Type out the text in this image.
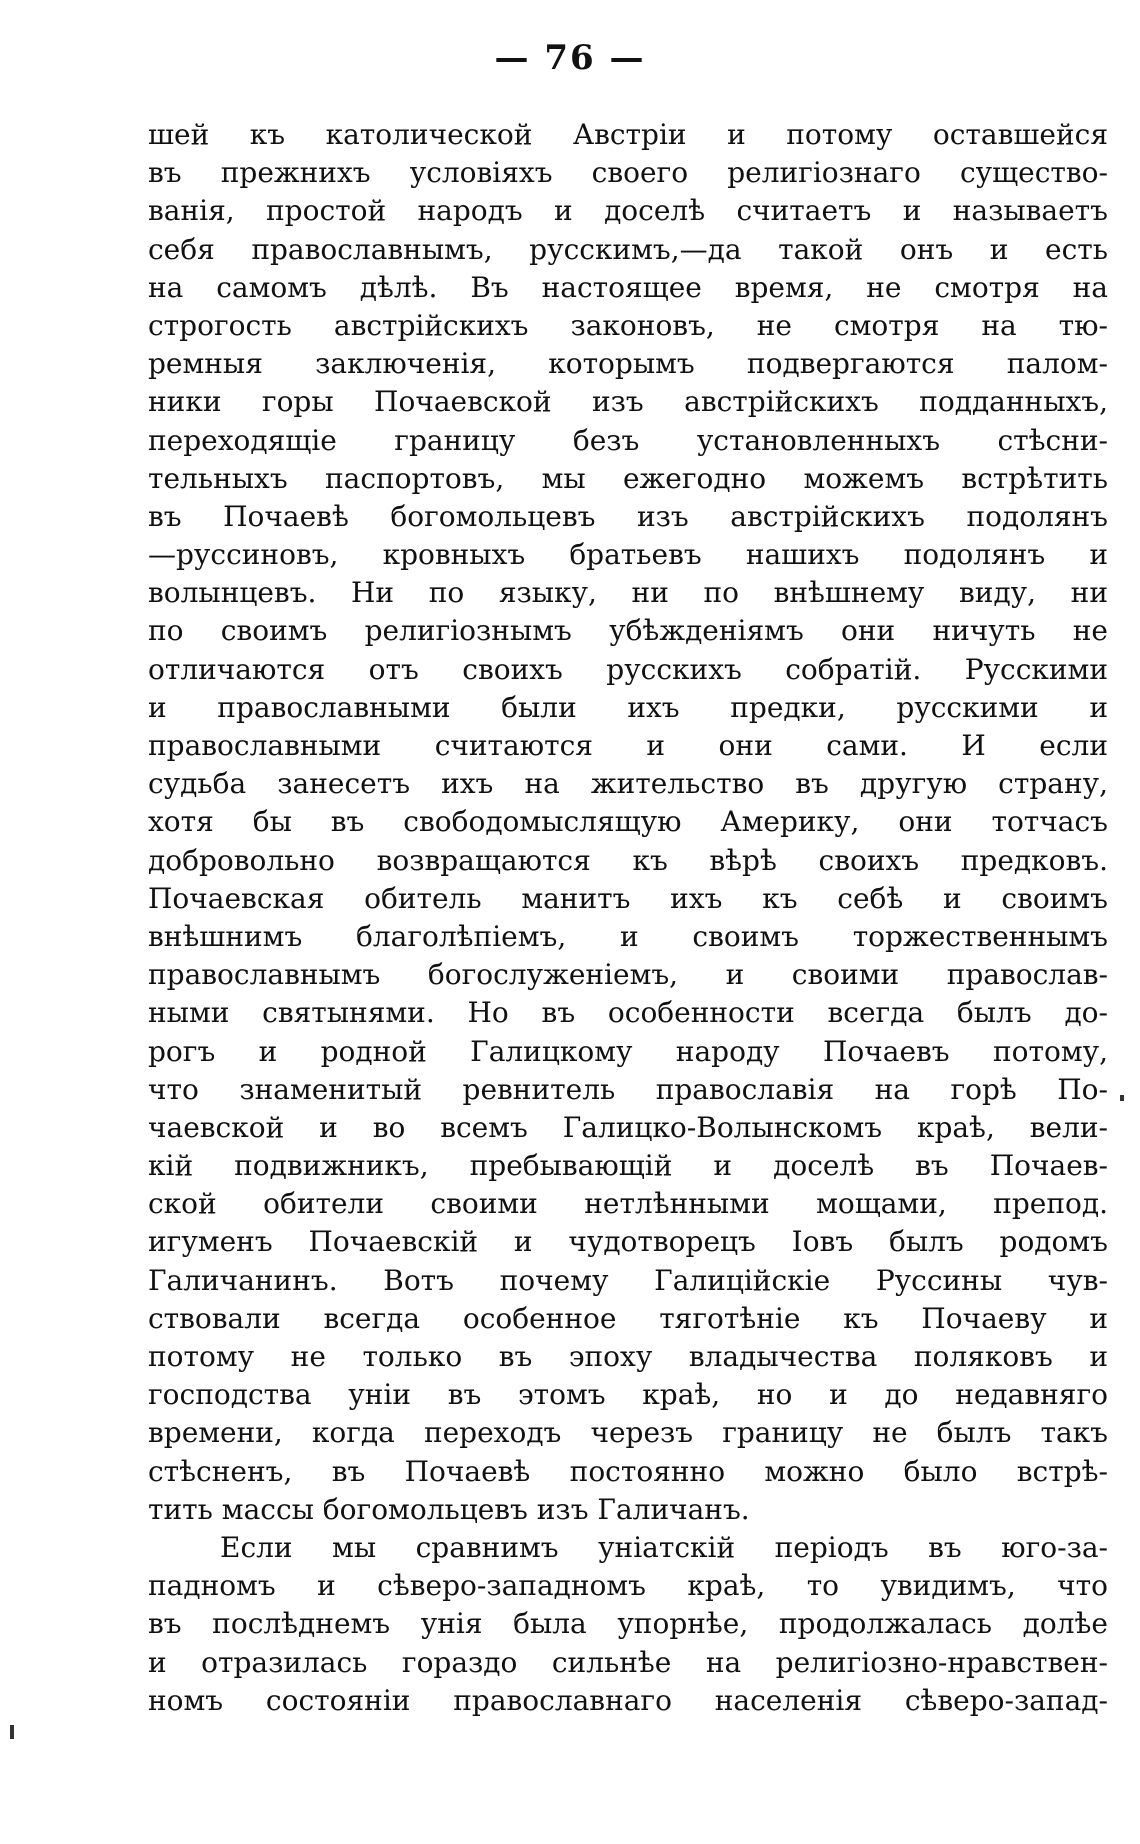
— 76 —
шей къ католической Австріи и потому оставшейся
въ прежнихъ условіяхъ своего религіознаго существо-
ванія, простой народъ и доселѣ считаетъ и называетъ
себя православнымъ, русскимъ,—да такой онъ и есть
на самомъ дѣлѣ. Въ настоящее время, не смотря на
строгость австрійскихъ законовъ, не смотря на тю-
ремныя заключенія, которымъ подвергаются палом-
ники горы Почаевской изъ австрійскихъ подданныхъ,
переходящіе границу безъ установленныхъ стѣсни-
тельныхъ паспортовъ, мы ежегодно можемъ встрѣтить
въ Почаевѣ богомольцевъ изъ австрійскихъ подолянъ
—руссиновъ, кровныхъ братьевъ нашихъ подолянъ и
волынцевъ. Ни по языку, ни по внѣшнему виду, ни
по своимъ религіознымъ убѣжденіямъ они ничуть не
отличаются отъ своихъ русскихъ собратій. Русскими
и православными были ихъ предки, русскими и
православными считаются и они сами. И если
судьба занесетъ ихъ на жительство въ другую страну,
хотя бы въ свободомыслящую Америку, они тотчасъ
добровольно возвращаются къ вѣрѣ своихъ предковъ.
Почаевская обитель манитъ ихъ къ себѣ и своимъ
внѣшнимъ благолѣпіемъ, и своимъ торжественнымъ
православнымъ богослуженіемъ, и своими православ-
ными святынями. Но въ особенности всегда былъ до-
рогъ и родной Галицкому народу Почаевъ потому,
что знаменитый ревнитель православія на горѣ По-
чаевской и во всемъ Галицко-Волынскомъ краѣ, вели-
кій подвижникъ, пребывающій и доселѣ въ Почаев-
ской обители своими нетлѣнными мощами, препод.
игуменъ Почаевскій и чудотворецъ Іовъ былъ родомъ
Галичанинъ. Вотъ почему Галиційскіе Руссины чув-
ствовали всегда особенное тяготѣніе къ Почаеву и
потому не только въ эпоху владычества поляковъ и
господства уніи въ этомъ краѣ, но и до недавняго
времени, когда переходъ черезъ границу не былъ такъ
стѣсненъ, въ Почаевѣ постоянно можно было встрѣ-
тить массы богомольцевъ изъ Галичанъ.
Если мы сравнимъ уніатскій періодъ въ юго-за-
падномъ и сѣверо-западномъ краѣ, то увидимъ, что
въ послѣднемъ унія была упорнѣе, продолжалась долѣе
и отразилась гораздо сильнѣе на религіозно-нравствен-
номъ состояніи православнаго населенія сѣверо-запад-
